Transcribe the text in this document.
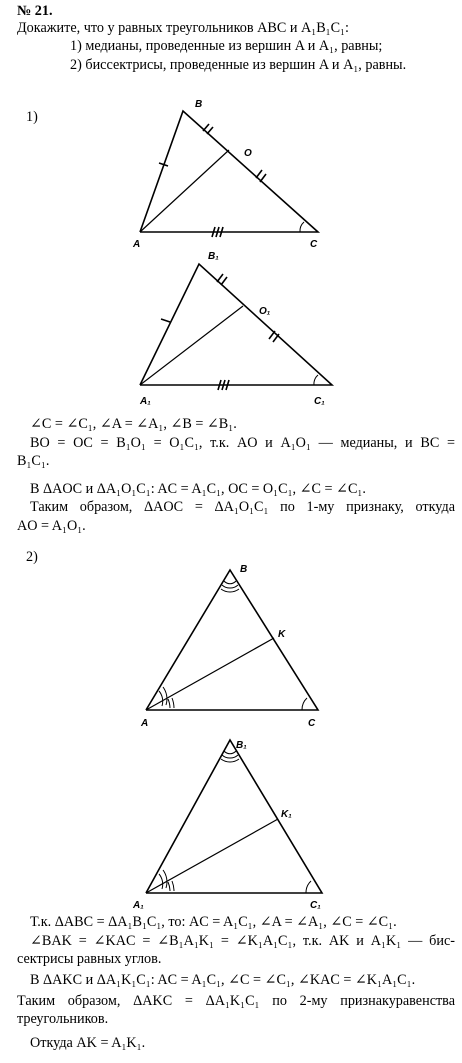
№ 21.
Докажите, что у равных треугольников ABC и A₁B₁C₁:
1) медианы, проведенные из вершин A и A₁, равны;
2) биссектрисы, проведенные из вершин A и A₁, равны.
1)
B
O
A	C
B₁
O₁
A₁	C₁
∠C = ∠C₁, ∠A = ∠A₁, ∠B = ∠B₁.
BO = OC = B₁O₁ = O₁C₁, т.к. AO и A₁O₁ — медианы, и BC =
B₁C₁.
В ΔAOC и ΔA₁O₁C₁: AC = A₁C₁, OC = O₁C₁, ∠C = ∠C₁.
Таким образом, ΔAOC = ΔA₁O₁C₁ по 1-му признаку, откуда
AO = A₁O₁.
2)
B
K
A	C
B₁
K₁
A₁	C₁
Т.к. ΔABC = ΔA₁B₁C₁, то: AC = A₁C₁, ∠A = ∠A₁, ∠C = ∠C₁.
∠BAK = ∠KAC = ∠B₁A₁K₁ = ∠K₁A₁C₁, т.к. AK и A₁K₁ — бис-
сектрисы равных углов.
В ΔAKC и ΔA₁K₁C₁: AC = A₁C₁, ∠C = ∠C₁, ∠KAC = ∠K₁A₁C₁.
Таким образом, ΔAKC = ΔA₁K₁C₁ по 2-му признакуравенства
треугольников.
Откуда AK = A₁K₁.
